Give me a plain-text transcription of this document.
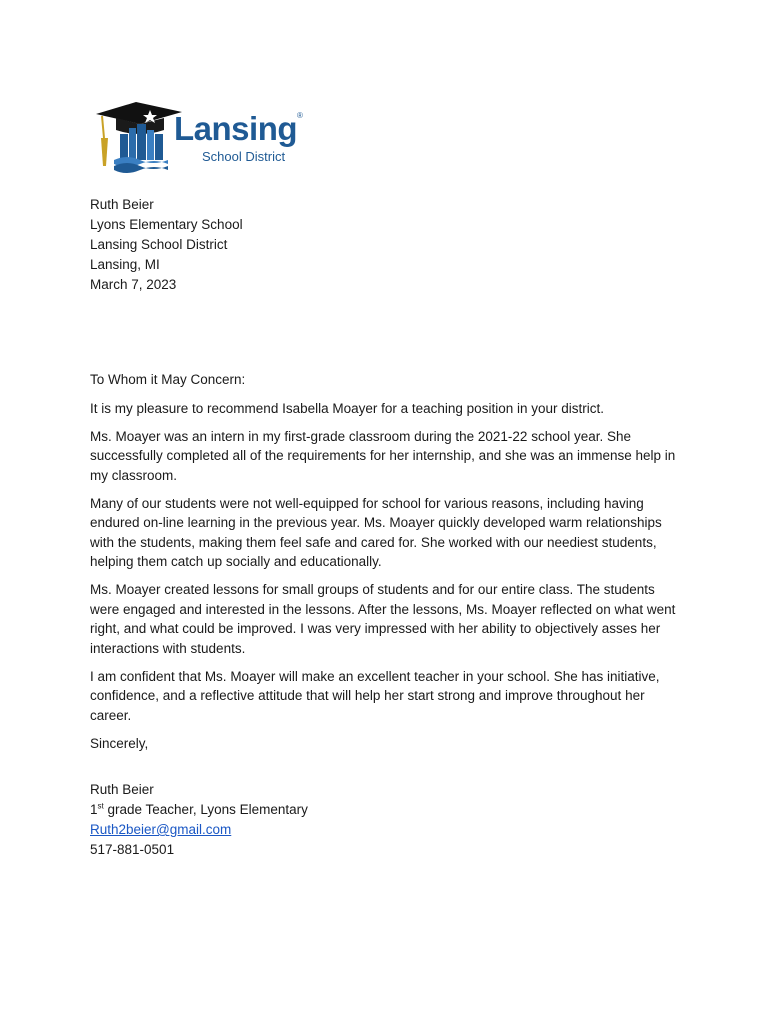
Lansing®
School District
Ruth Beier
Lyons Elementary School
Lansing School District
Lansing, MI
March 7, 2023

To Whom it May Concern:

It is my pleasure to recommend Isabella Moayer for a teaching position in your district.

Ms. Moayer was an intern in my first-grade classroom during the 2021-22 school year. She successfully completed all of the requirements for her internship, and she was an immense help in my classroom.

Many of our students were not well-equipped for school for various reasons, including having endured on-line learning in the previous year. Ms. Moayer quickly developed warm relationships with the students, making them feel safe and cared for. She worked with our neediest students, helping them catch up socially and educationally.

Ms. Moayer created lessons for small groups of students and for our entire class. The students were engaged and interested in the lessons. After the lessons, Ms. Moayer reflected on what went right, and what could be improved. I was very impressed with her ability to objectively asses her interactions with students.

I am confident that Ms. Moayer will make an excellent teacher in your school. She has initiative, confidence, and a reflective attitude that will help her start strong and improve throughout her career.

Sincerely,

Ruth Beier
1st grade Teacher, Lyons Elementary
Ruth2beier@gmail.com
517-881-0501
